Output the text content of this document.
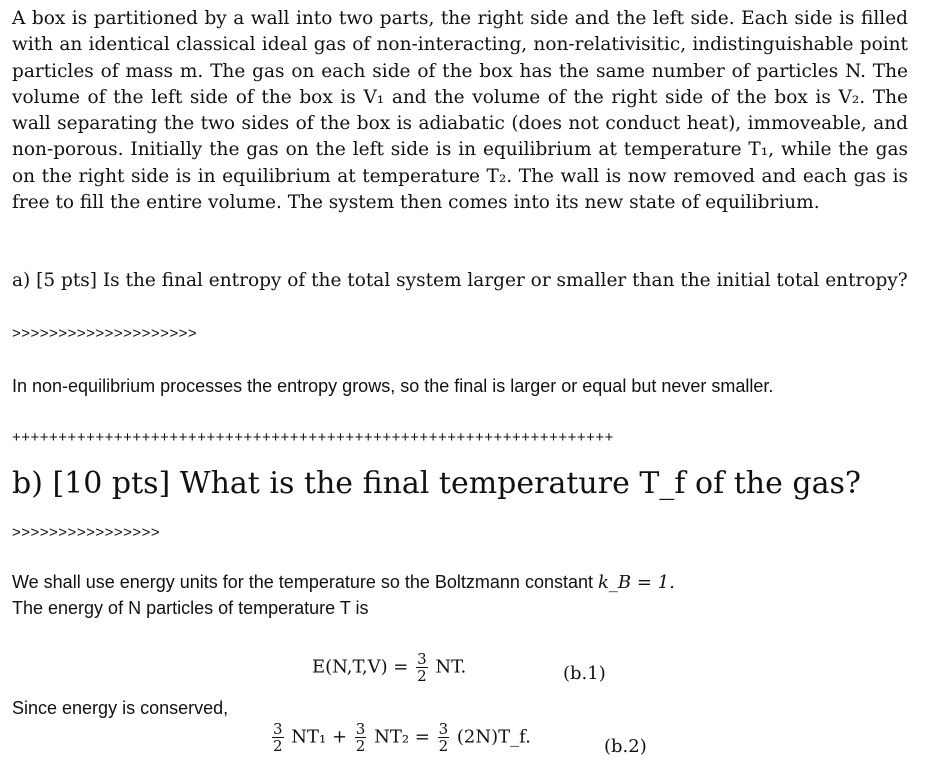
A box is partitioned by a wall into two parts, the right side and the left side. Each side is filled with an identical classical ideal gas of non-interacting, non-relativisitic, indistinguishable point particles of mass m. The gas on each side of the box has the same number of particles N. The volume of the left side of the box is V₁ and the volume of the right side of the box is V₂. The wall separating the two sides of the box is adiabatic (does not conduct heat), immoveable, and non-porous. Initially the gas on the left side is in equilibrium at temperature T₁, while the gas on the right side is in equilibrium at temperature T₂. The wall is now removed and each gas is free to fill the entire volume. The system then comes into its new state of equilibrium.
a) [5 pts] Is the final entropy of the total system larger or smaller than the initial total entropy?
>>>>>>>>>>>>>>>>>>>>
In non-equilibrium processes the entropy grows, so the final is larger or equal but never smaller.
+++++++++++++++++++++++++++++++++++++++++++++++++++++++++++++++++
b) [10 pts] What is the final temperature T_f of the gas?
>>>>>>>>>>>>>>>>
We shall use energy units for the temperature so the Boltzmann constant k_B = 1.
The energy of N particles of temperature T is
$E(N,T,V) = \frac{3}{2}$ NT.	(b.1)
Since energy is conserved,
$\frac{3}{2} NT_1 + \frac{3}{2} NT_2 = \frac{3}{2}$ (2N)T_f.	(b.2)
